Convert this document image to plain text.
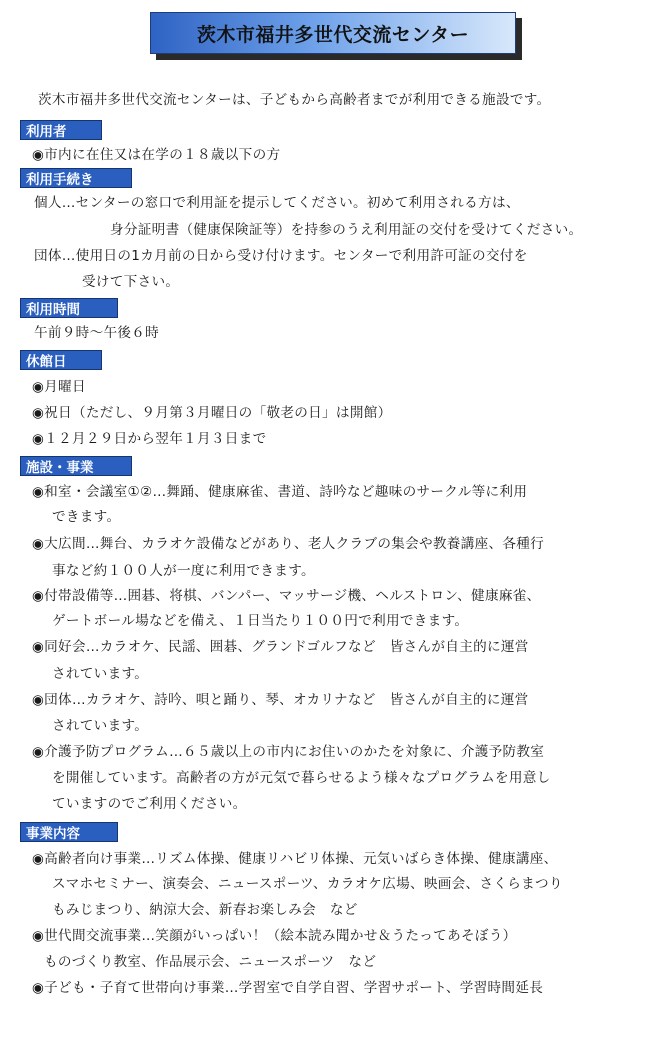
茨木市福井多世代交流センター
茨木市福井多世代交流センターは、子どもから高齢者までが利用できる施設です。
利用者
◉市内に在住又は在学の１８歳以下の方
利用手続き
個人…センターの窓口で利用証を提示してください。初めて利用される方は、
身分証明書（健康保険証等）を持参のうえ利用証の交付を受けてください。
団体…使用日の1カ月前の日から受け付けます。センターで利用許可証の交付を
受けて下さい。
利用時間
午前９時～午後６時
休館日
◉月曜日
◉祝日（ただし、９月第３月曜日の「敬老の日」は開館）
◉１２月２９日から翌年１月３日まで
施設・事業
◉和室・会議室①②…舞踊、健康麻雀、書道、詩吟など趣味のサークル等に利用
できます。
◉大広間…舞台、カラオケ設備などがあり、老人クラブの集会や教養講座、各種行
事など約１００人が一度に利用できます。
◉付帯設備等…囲碁、将棋、バンパー、マッサージ機、ヘルストロン、健康麻雀、
ゲートボール場などを備え、１日当たり１００円で利用できます。
◉同好会…カラオケ、民謡、囲碁、グランドゴルフなど　皆さんが自主的に運営
されています。
◉団体…カラオケ、詩吟、唄と踊り、琴、オカリナなど　皆さんが自主的に運営
されています。
◉介護予防プログラム…６５歳以上の市内にお住いのかたを対象に、介護予防教室
を開催しています。高齢者の方が元気で暮らせるよう様々なプログラムを用意し
ていますのでご利用ください。
事業内容
◉高齢者向け事業…リズム体操、健康リハビリ体操、元気いばらき体操、健康講座、
スマホセミナー、演奏会、ニュースポーツ、カラオケ広場、映画会、さくらまつり
もみじまつり、納涼大会、新春お楽しみ会　など
◉世代間交流事業…笑顔がいっぱい！（絵本読み聞かせ＆うたってあそぼう）
ものづくり教室、作品展示会、ニュースポーツ　など
◉子ども・子育て世帯向け事業…学習室で自学自習、学習サポート、学習時間延長
